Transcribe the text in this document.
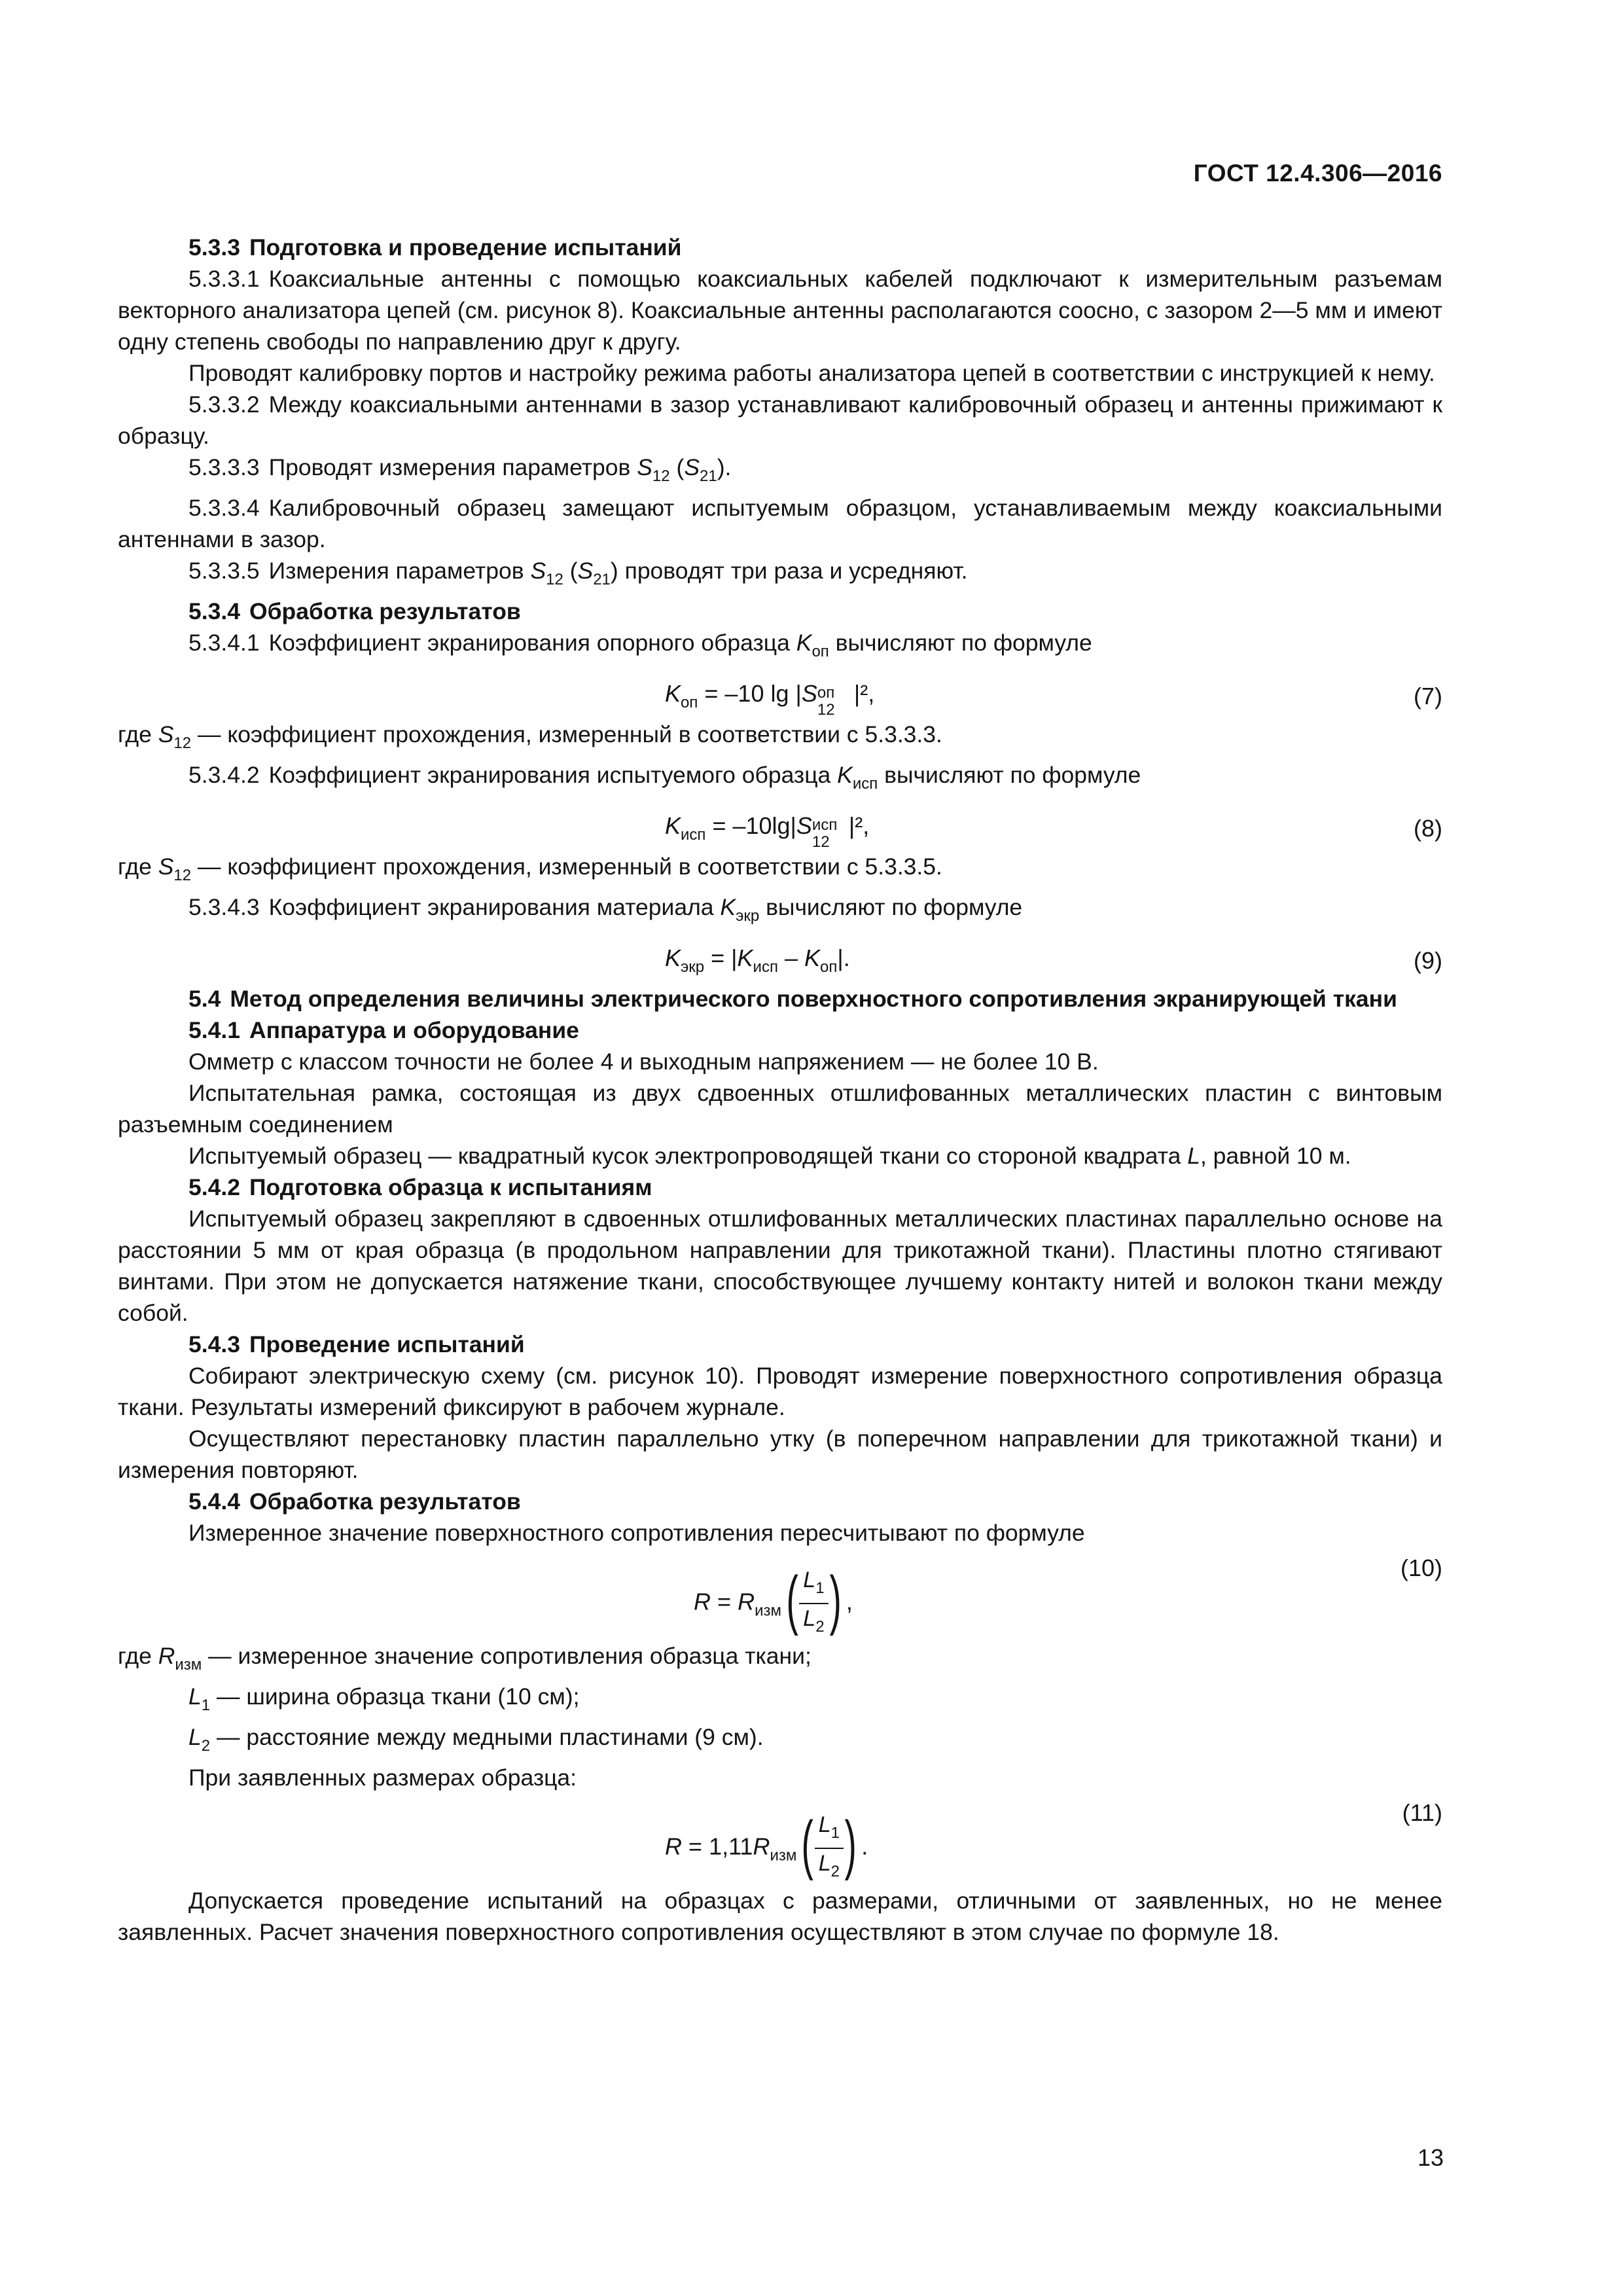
ГОСТ 12.4.306—2016

5.3.3 Подготовка и проведение испытаний

5.3.3.1 Коаксиальные антенны с помощью коаксиальных кабелей подключают к измерительным разъемам векторного анализатора цепей (см. рисунок 8). Коаксиальные антенны располагаются соосно, с зазором 2—5 мм и имеют одну степень свободы по направлению друг к другу.

Проводят калибровку портов и настройку режима работы анализатора цепей в соответствии с инструкцией к нему.

5.3.3.2 Между коаксиальными антеннами в зазор устанавливают калибровочный образец и антенны прижимают к образцу.

5.3.3.3 Проводят измерения параметров $S_{12}$ $(S_{21})$.

5.3.3.4 Калибровочный образец замещают испытуемым образцом, устанавливаемым между коаксиальными антеннами в зазор.

5.3.3.5 Измерения параметров $S_{12}$ $(S_{21})$ проводят три раза и усредняют.

5.3.4 Обработка результатов

5.3.4.1 Коэффициент экранирования опорного образца $K_{оп}$ вычисляют по формуле

$K_{оп} = -10$ lg |S оп
12
|²,	(7)

где $S_{12}$ — коэффициент прохождения, измеренный в соответствии с 5.3.3.3.

5.3.4.2 Коэффициент экранирования испытуемого образца $K_{исп}$ вычисляют по формуле

$K_{исп} = -10\lg|S$ исп
12
|²,	(8)

где $S_{12}$ — коэффициент прохождения, измеренный в соответствии с 5.3.3.5.

5.3.4.3 Коэффициент экранирования материала $K_{экр}$ вычисляют по формуле

$K_{экр} = |K_{исп} - K_{оп}|$.	(9)

5.4 Метод определения величины электрического поверхностного сопротивления экранирующей ткани

5.4.1 Аппаратура и оборудование

Омметр с классом точности не более 4 и выходным напряжением — не более 10 В.

Испытательная рамка, состоящая из двух сдвоенных отшлифованных металлических пластин с винтовым разъемным соединением

Испытуемый образец — квадратный кусок электропроводящей ткани со стороной квадрата L, равной 10 м.

5.4.2 Подготовка образца к испытаниям

Испытуемый образец закрепляют в сдвоенных отшлифованных металлических пластинах параллельно основе на расстоянии 5 мм от края образца (в продольном направлении для трикотажной ткани). Пластины плотно стягивают винтами. При этом не допускается натяжение ткани, способствующее лучшему контакту нитей и волокон ткани между собой.

5.4.3 Проведение испытаний

Собирают электрическую схему (см. рисунок 10). Проводят измерение поверхностного сопротивления образца ткани. Результаты измерений фиксируют в рабочем журнале.

Осуществляют перестановку пластин параллельно утку (в поперечном направлении для трикотажной ткани) и измерения повторяют.

5.4.4 Обработка результатов

Измеренное значение поверхностного сопротивления пересчитывают по формуле

$R = R_{изм}( \frac{L_1}{L_2}$ ) ,
(10)

где $R_{изм}$ — измеренное значение сопротивления образца ткани;

$L_1$ — ширина образца ткани (10 см);

$L_2$ — расстояние между медными пластинами (9 см).

При заявленных размерах образца:

$R = 1,11R_{изм}( \frac{L_1}{L_2}$ ) .
(11)

Допускается проведение испытаний на образцах с размерами, отличными от заявленных, но не менее заявленных. Расчет значения поверхностного сопротивления осуществляют в этом случае по формуле 18.

13
